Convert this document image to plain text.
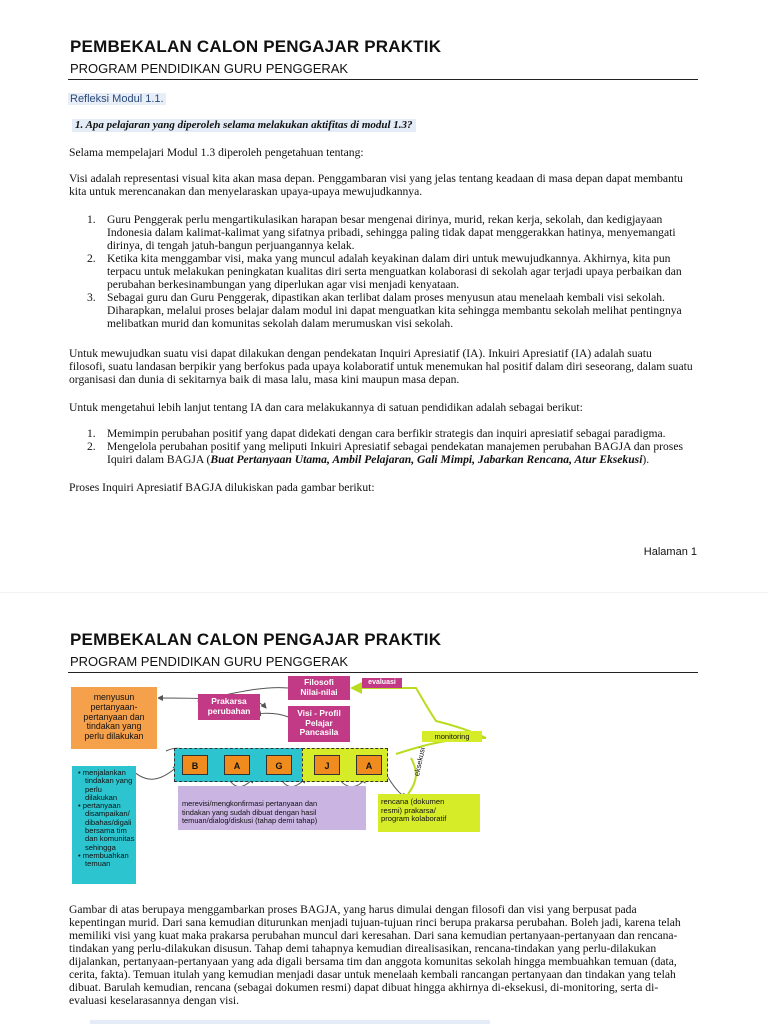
PEMBEKALAN CALON PENGAJAR PRAKTIK
PROGRAM PENDIDIKAN GURU PENGGERAK
Refleksi Modul 1.1.
1. Apa pelajaran yang diperoleh selama melakukan aktifitas di modul 1.3?
Selama mempelajari Modul 1.3 diperoleh pengetahuan tentang:
Visi adalah representasi visual kita akan masa depan. Penggambaran visi yang jelas tentang keadaan di masa depan dapat membantu
kita untuk merencanakan dan menyelaraskan upaya-upaya mewujudkannya.
1. Guru Penggerak perlu mengartikulasikan harapan besar mengenai dirinya, murid, rekan kerja, sekolah, dan kedigjayaan
Indonesia dalam kalimat-kalimat yang sifatnya pribadi, sehingga paling tidak dapat menggerakkan hatinya, menyemangati
dirinya, di tengah jatuh-bangun perjuangannya kelak.
2. Ketika kita menggambar visi, maka yang muncul adalah keyakinan dalam diri untuk mewujudkannya. Akhirnya, kita pun
terpacu untuk melakukan peningkatan kualitas diri serta menguatkan kolaborasi di sekolah agar terjadi upaya perbaikan dan
perubahan berkesinambungan yang diperlukan agar visi menjadi kenyataan.
3. Sebagai guru dan Guru Penggerak, dipastikan akan terlibat dalam proses menyusun atau menelaah kembali visi sekolah.
Diharapkan, melalui proses belajar dalam modul ini dapat menguatkan kita sehingga membantu sekolah melihat pentingnya
melibatkan murid dan komunitas sekolah dalam merumuskan visi sekolah.
Untuk mewujudkan suatu visi dapat dilakukan dengan pendekatan Inquiri Apresiatif (IA). Inkuiri Apresiatif (IA) adalah suatu
filosofi, suatu landasan berpikir yang berfokus pada upaya kolaboratif untuk menemukan hal positif dalam diri seseorang, dalam suatu
organisasi dan dunia di sekitarnya baik di masa lalu, masa kini maupun masa depan.
Untuk mengetahui lebih lanjut tentang IA dan cara melakukannya di satuan pendidikan adalah sebagai berikut:
1. Memimpin perubahan positif yang dapat didekati dengan cara berfikir strategis dan inquiri apresiatif sebagai paradigma.
2. Mengelola perubahan positif yang meliputi Inkuiri Apresiatif sebagai pendekatan manajemen perubahan BAGJA dan proses
Iquiri dalam BAGJA (Buat Pertanyaan Utama, Ambil Pelajaran, Gali Mimpi, Jabarkan Rencana, Atur Eksekusi).
Proses Inquiri Apresiatif BAGJA dilukiskan pada gambar berikut:
Halaman 1
PEMBEKALAN CALON PENGAJAR PRAKTIK
PROGRAM PENDIDIKAN GURU PENGGERAK
menyusun
pertanyaan-
pertanyaan dan
tindakan yang
perlu dilakukan
Prakarsa
perubahan
Filosofi
Nilai-nilai
evaluasi
Visi - Profil
Pelajar
Pancasila	monitoring
eksekusi
B	A	G	J	A
• menjalankan
tindakan yang
perlu
dilakukan
• pertanyaan
disampaikan/
dibahas/digali
bersama tim
dan komunitas
sehingga
• membuahkan
temuan
merevisi/mengkonfirmasi pertanyaan dan
tindakan yang sudah dibuat dengan hasil
temuan/dialog/diskusi (tahap demi tahap)
rencana (dokumen
resmi) prakarsa/
program kolaboratif
Gambar di atas berupaya menggambarkan proses BAGJA, yang harus dimulai dengan filosofi dan visi yang berpusat pada
kepentingan murid. Dari sana kemudian diturunkan menjadi tujuan-tujuan rinci berupa prakarsa perubahan. Boleh jadi, karena telah
memiliki visi yang kuat maka prakarsa perubahan muncul dari keresahan. Dari sana kemudian pertanyaan-pertanyaan dan rencana-
tindakan yang perlu-dilakukan disusun. Tahap demi tahapnya kemudian direalisasikan, rencana-tindakan yang perlu-dilakukan
dijalankan, pertanyaan-pertanyaan yang ada digali bersama tim dan anggota komunitas sekolah hingga membuahkan temuan (data,
cerita, fakta). Temuan itulah yang kemudian menjadi dasar untuk menelaah kembali rancangan pertanyaan dan tindakan yang telah
dibuat. Barulah kemudian, rencana (sebagai dokumen resmi) dapat dibuat hingga akhirnya di-eksekusi, di-monitoring, serta di-
evaluasi keselarasannya dengan visi.
